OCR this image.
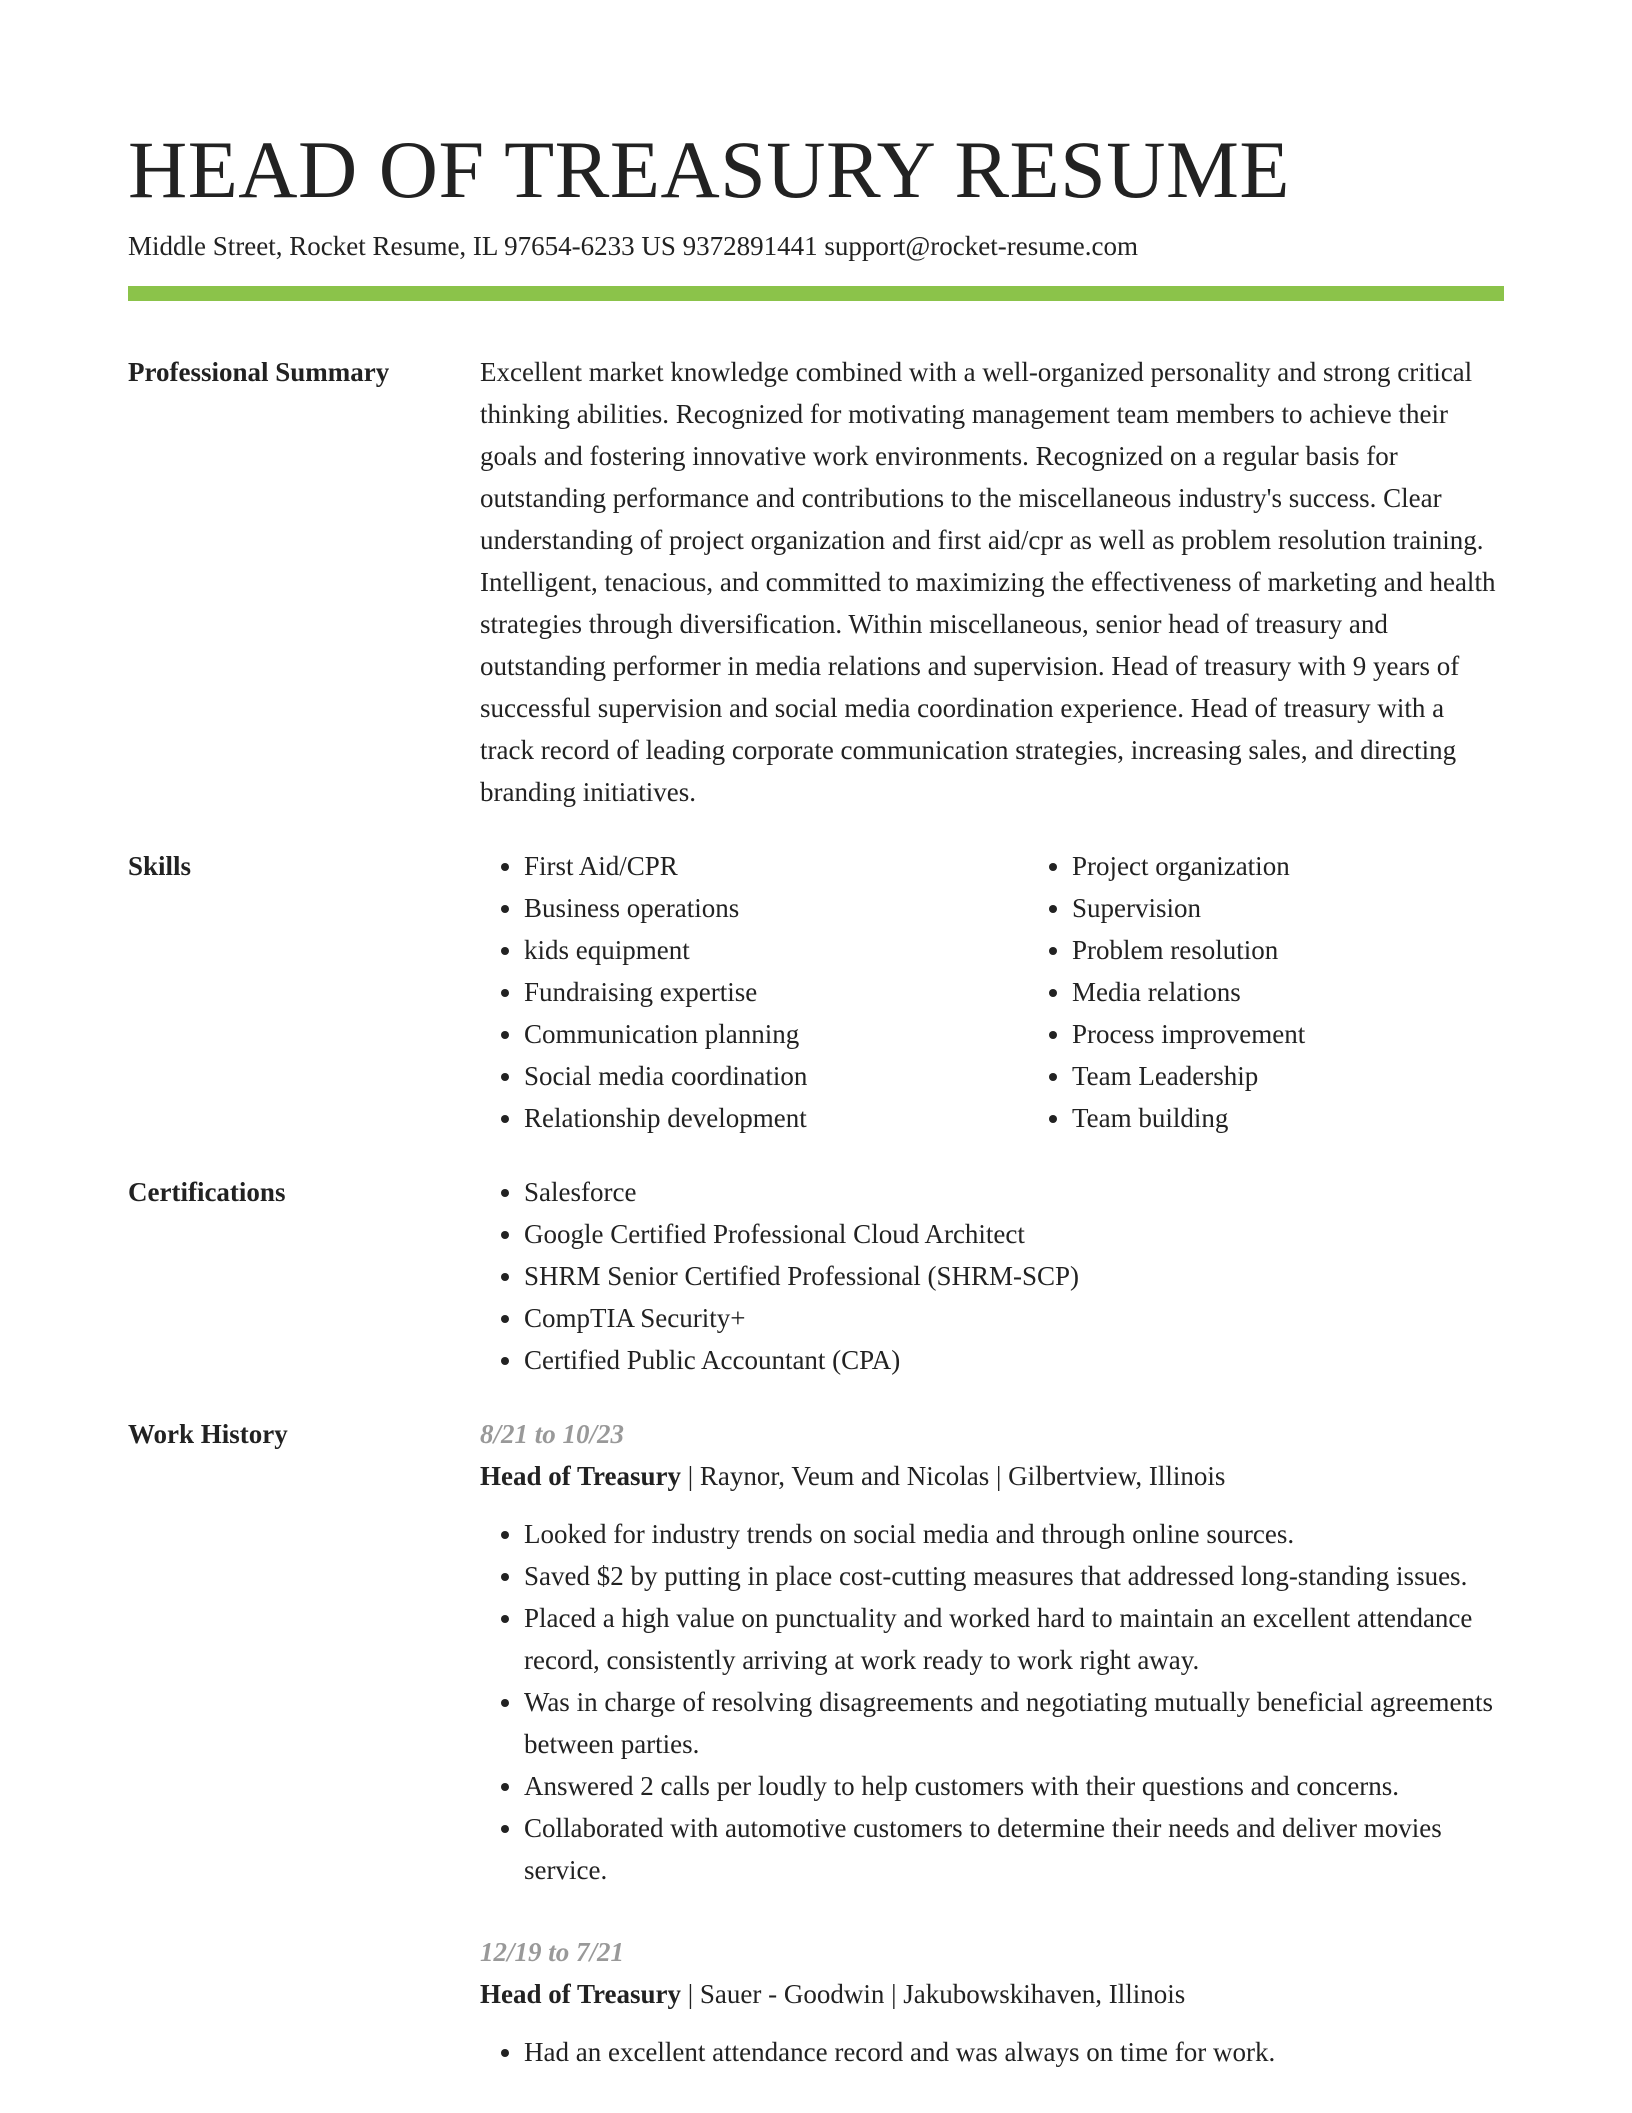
HEAD OF TREASURY RESUME
Middle Street, Rocket Resume, IL 97654-6233 US 9372891441 support@rocket-resume.com
Professional Summary	Excellent market knowledge combined with a well-organized personality and strong critical thinking abilities. Recognized for motivating management team members to achieve their goals and fostering innovative work environments. Recognized on a regular basis for outstanding performance and contributions to the miscellaneous industry's success. Clear understanding of project organization and first aid/cpr as well as problem resolution training. Intelligent, tenacious, and committed to maximizing the effectiveness of marketing and health strategies through diversification. Within miscellaneous, senior head of treasury and outstanding performer in media relations and supervision. Head of treasury with 9 years of successful supervision and social media coordination experience. Head of treasury with a track record of leading corporate communication strategies, increasing sales, and directing branding initiatives.

Skills	• First Aid/CPR
• Business operations
• kids equipment
• Fundraising expertise
• Communication planning
• Social media coordination
• Relationship development
• Project organization
• Supervision
• Problem resolution
• Media relations
• Process improvement
• Team Leadership
• Team building
Certifications	• Salesforce
• Google Certified Professional Cloud Architect
• SHRM Senior Certified Professional (SHRM-SCP)
• CompTIA Security+
• Certified Public Accountant (CPA)
Work History	8/21 to 10/23
Head of Treasury | Raynor, Veum and Nicolas | Gilbertview, Illinois
• Looked for industry trends on social media and through online sources.
• Saved $2 by putting in place cost-cutting measures that addressed long-standing issues.
• Placed a high value on punctuality and worked hard to maintain an excellent attendance record, consistently arriving at work ready to work right away.
• Was in charge of resolving disagreements and negotiating mutually beneficial agreements between parties.
• Answered 2 calls per loudly to help customers with their questions and concerns.
• Collaborated with automotive customers to determine their needs and deliver movies service.
12/19 to 7/21
Head of Treasury | Sauer - Goodwin | Jakubowskihaven, Illinois
• Had an excellent attendance record and was always on time for work.
